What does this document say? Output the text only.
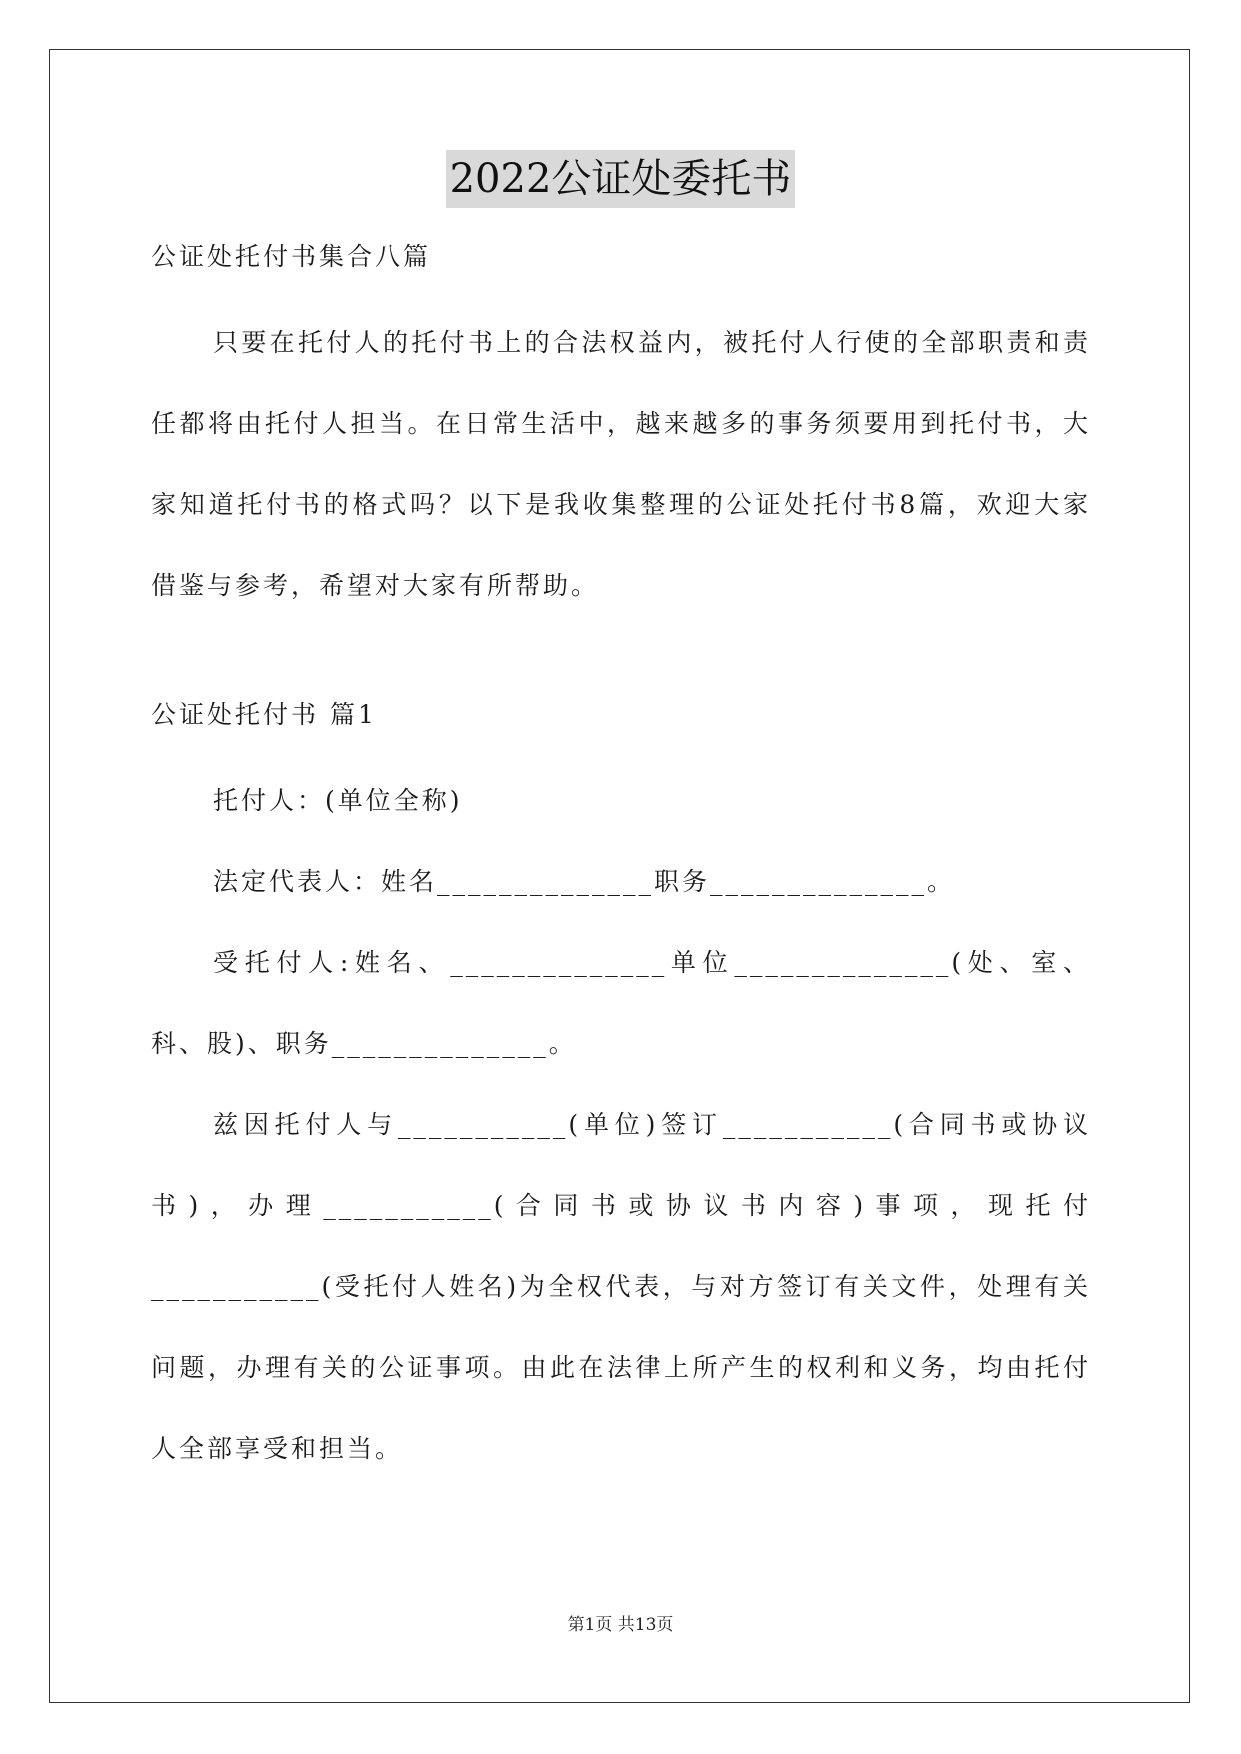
2022公证处委托书

公证处托付书集合八篇

只要在托付人的托付书上的合法权益内，被托付人行使的全部职责和责任都将由托付人担当。在日常生活中，越来越多的事务须要用到托付书，大家知道托付书的格式吗？以下是我收集整理的公证处托付书8篇，欢迎大家借鉴与参考，希望对大家有所帮助。

公证处托付书 篇1

托付人：(单位全称)

法定代表人：姓名______________职务______________。

受托付人:姓名、______________单位______________(处、室、科、股)、职务______________。

兹因托付人与___________(单位)签订___________(合同书或协议书)，办理___________(合同书或协议书内容)事项，现托付___________(受托付人姓名)为全权代表，与对方签订有关文件，处理有关问题，办理有关的公证事项。由此在法律上所产生的权利和义务，均由托付人全部享受和担当。

第1页 共13页
